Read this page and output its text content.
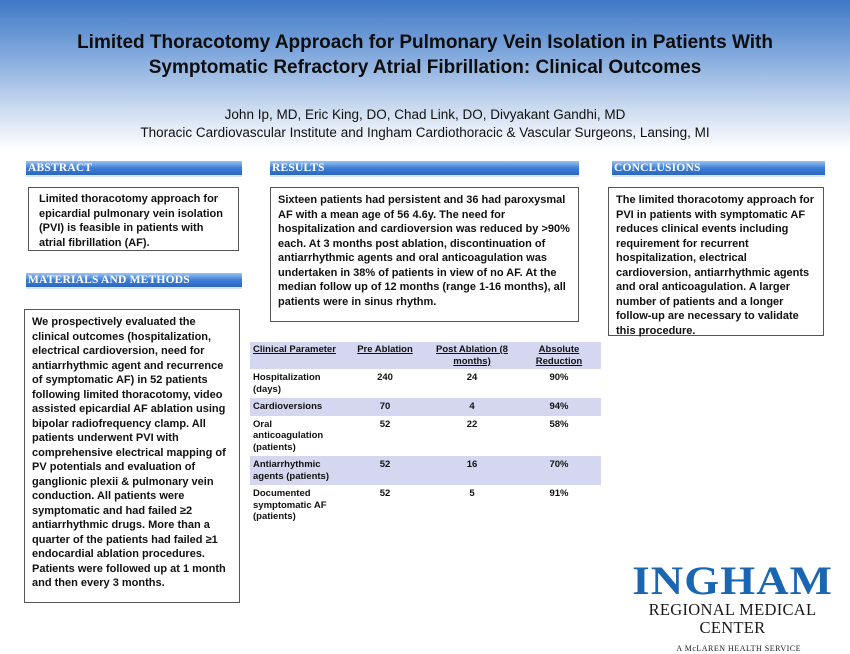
Limited Thoracotomy Approach for Pulmonary Vein Isolation in Patients With
Symptomatic Refractory Atrial Fibrillation: Clinical Outcomes
John Ip, MD, Eric King, DO, Chad Link, DO, Divyakant Gandhi, MD
Thoracic Cardiovascular Institute and Ingham Cardiothoracic & Vascular Surgeons, Lansing, MI
ABSTRACT
Limited thoracotomy approach for epicardial pulmonary vein isolation (PVI) is feasible in patients with atrial fibrillation (AF).
MATERIALS AND METHODS
We prospectively evaluated the clinical outcomes (hospitalization, electrical cardioversion, need for antiarrhythmic agent and recurrence of symptomatic AF) in 52 patients following limited thoracotomy, video assisted epicardial AF ablation using bipolar radiofrequency clamp. All patients underwent PVI with comprehensive electrical mapping of PV potentials and evaluation of ganglionic plexii & pulmonary vein conduction. All patients were symptomatic and had failed ≥2 antiarrhythmic drugs. More than a quarter of the patients had failed ≥1 endocardial ablation procedures. Patients were followed up at 1 month and then every 3 months.
RESULTS
Sixteen patients had persistent and 36 had paroxysmal AF with a mean age of 56 4.6y. The need for hospitalization and cardioversion was reduced by >90% each. At 3 months post ablation, discontinuation of antiarrhythmic agents and oral anticoagulation was undertaken in 38% of patients in view of no AF. At the median follow up of 12 months (range 1-16 months), all patients were in sinus rhythm.
Clinical Parameter	Pre Ablation	Post Ablation (8 months)	Absolute Reduction
Hospitalization (days)	240	24	90%
Cardioversions	70	4	94%
Oral anticoagulation (patients)	52	22	58%
Antiarrhythmic agents (patients)	52	16	70%
Documented symptomatic AF (patients)	52	5	91%
CONCLUSIONS
The limited thoracotomy approach for PVI in patients with symptomatic AF reduces clinical events including requirement for recurrent hospitalization, electrical cardioversion, antiarrhythmic agents and oral anticoagulation. A larger number of patients and a longer follow-up are necessary to validate this procedure.
INGHAM
REGIONAL MEDICAL CENTER
A McLAREN HEALTH SERVICE
